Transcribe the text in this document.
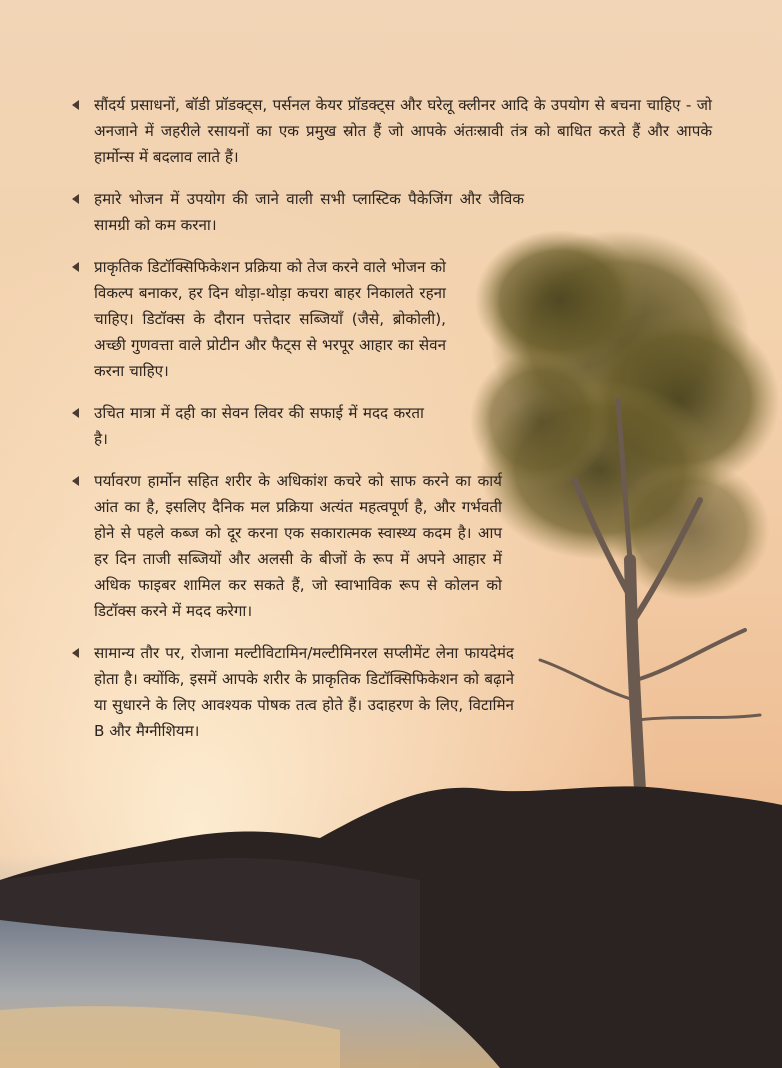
सौंदर्य प्रसाधनों, बॉडी प्रॉडक्ट्स, पर्सनल केयर प्रॉडक्ट्स और घरेलू क्लीनर आदि के उपयोग से बचना चाहिए - जो अनजाने में जहरीले रसायनों का एक प्रमुख स्रोत हैं जो आपके अंतःस्रावी तंत्र को बाधित करते हैं और आपके हार्मोन्स में बदलाव लाते हैं।

हमारे भोजन में उपयोग की जाने वाली सभी प्लास्टिक पैकेजिंग और जैविक सामग्री को कम करना।

प्राकृतिक डिटॉक्सिफिकेशन प्रक्रिया को तेज करने वाले भोजन को विकल्प बनाकर, हर दिन थोड़ा-थोड़ा कचरा बाहर निकालते रहना चाहिए। डिटॉक्स के दौरान पत्तेदार सब्जियाँ (जैसे, ब्रोकोली), अच्छी गुणवत्ता वाले प्रोटीन और फैट्स से भरपूर आहार का सेवन करना चाहिए।

उचित मात्रा में दही का सेवन लिवर की सफाई में मदद करता है।

पर्यावरण हार्मोन सहित शरीर के अधिकांश कचरे को साफ करने का कार्य आंत का है, इसलिए दैनिक मल प्रक्रिया अत्यंत महत्वपूर्ण है, और गर्भवती होने से पहले कब्ज को दूर करना एक सकारात्मक स्वास्थ्य कदम है। आप हर दिन ताजी सब्जियों और अलसी के बीजों के रूप में अपने आहार में अधिक फाइबर शामिल कर सकते हैं, जो स्वाभाविक रूप से कोलन को डिटॉक्स करने में मदद करेगा।

सामान्य तौर पर, रोजाना मल्टीविटामिन/मल्टीमिनरल सप्लीमेंट लेना फायदेमंद होता है। क्योंकि, इसमें आपके शरीर के प्राकृतिक डिटॉक्सिफिकेशन को बढ़ाने या सुधारने के लिए आवश्यक पोषक तत्व होते हैं। उदाहरण के लिए, विटामिन B और मैग्नीशियम।
